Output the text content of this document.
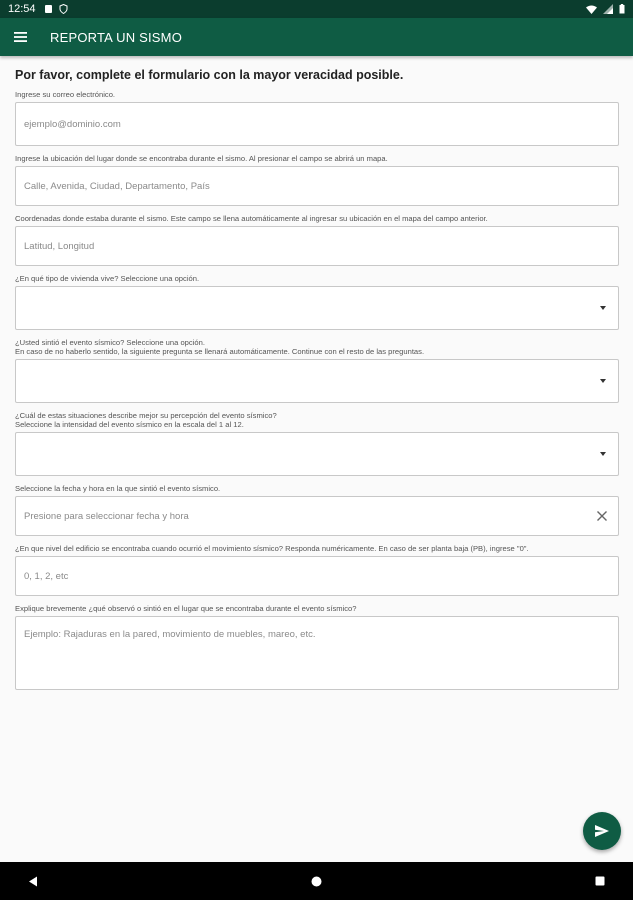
12:54
REPORTA UN SISMO
Por favor, complete el formulario con la mayor veracidad posible.
Ingrese su correo electrónico.
ejemplo@dominio.com
Ingrese la ubicación del lugar donde se encontraba durante el sismo. Al presionar el campo se abrirá un mapa.
Calle, Avenida, Ciudad, Departamento, País
Coordenadas donde estaba durante el sismo. Este campo se llena automáticamente al ingresar su ubicación en el mapa del campo anterior.
Latitud, Longitud
¿En qué tipo de vivienda vive? Seleccione una opción.
¿Usted sintió el evento sísmico? Seleccione una opción.
En caso de no haberlo sentido, la siguiente pregunta se llenará automáticamente. Continue con el resto de las preguntas.
¿Cuál de estas situaciones describe mejor su percepción del evento sísmico?
Seleccione la intensidad del evento sísmico en la escala del 1 al 12.
Seleccione la fecha y hora en la que sintió el evento sísmico.
Presione para seleccionar fecha y hora
¿En que nivel del edificio se encontraba cuando ocurrió el movimiento sísmico? Responda numéricamente. En caso de ser planta baja (PB), ingrese "0".
0, 1, 2, etc
Explique brevemente ¿qué observó o sintió en el lugar que se encontraba durante el evento sísmico?
Ejemplo: Rajaduras en la pared, movimiento de muebles, mareo, etc.
